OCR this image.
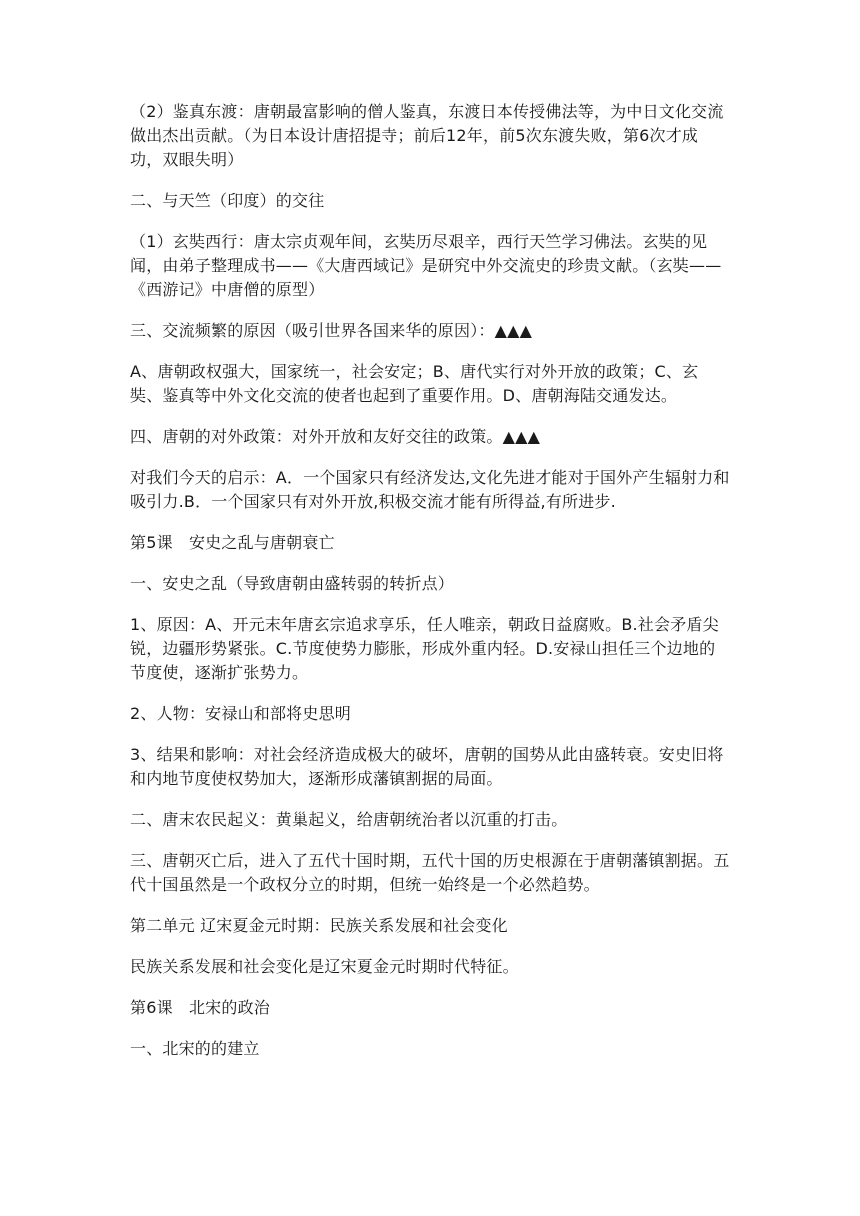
（2）鉴真东渡：唐朝最富影响的僧人鉴真，东渡日本传授佛法等，为中日文化交流做出杰出贡献。（为日本设计唐招提寺；前后12年，前5次东渡失败，第6次才成功，双眼失明）

二、与天竺（印度）的交往

（1）玄奘西行：唐太宗贞观年间，玄奘历尽艰辛，西行天竺学习佛法。玄奘的见闻，由弟子整理成书——《大唐西域记》是研究中外交流史的珍贵文献。（玄奘——《西游记》中唐僧的原型）

三、交流频繁的原因（吸引世界各国来华的原因）：▲▲▲

A、唐朝政权强大，国家统一，社会安定；B、唐代实行对外开放的政策；C、玄奘、鉴真等中外文化交流的使者也起到了重要作用。D、唐朝海陆交通发达。

四、唐朝的对外政策：对外开放和友好交往的政策。▲▲▲

对我们今天的启示：A．一个国家只有经济发达,文化先进才能对于国外产生辐射力和吸引力.B．一个国家只有对外开放,积极交流才能有所得益,有所进步.

第5课　安史之乱与唐朝衰亡

一、安史之乱（导致唐朝由盛转弱的转折点）

1、原因：A、开元末年唐玄宗追求享乐，任人唯亲，朝政日益腐败。B.社会矛盾尖锐，边疆形势紧张。C.节度使势力膨胀，形成外重内轻。D.安禄山担任三个边地的节度使，逐渐扩张势力。

2、人物：安禄山和部将史思明

3、结果和影响：对社会经济造成极大的破坏，唐朝的国势从此由盛转衰。安史旧将和内地节度使权势加大，逐渐形成藩镇割据的局面。

二、唐末农民起义：黄巢起义，给唐朝统治者以沉重的打击。

三、唐朝灭亡后，进入了五代十国时期，五代十国的历史根源在于唐朝藩镇割据。五代十国虽然是一个政权分立的时期，但统一始终是一个必然趋势。

第二单元 辽宋夏金元时期：民族关系发展和社会变化

民族关系发展和社会变化是辽宋夏金元时期时代特征。

第6课　北宋的政治

一、北宋的的建立
